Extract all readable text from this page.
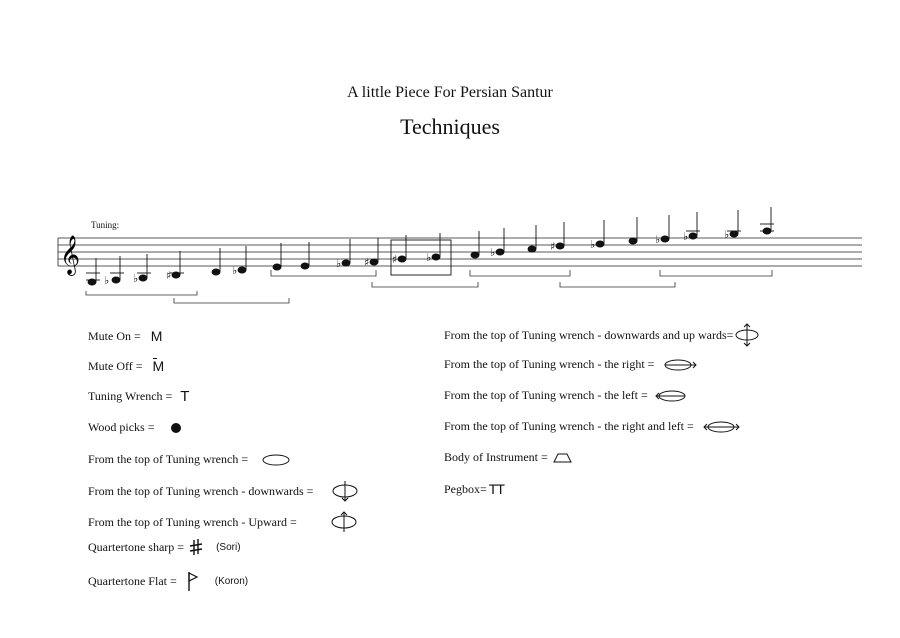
A little Piece For Persian Santur
Techniques
Tuning:
𝄞
♭ ♭	♯	♭
♭ ♯ ♯	♭	♭	♯	♭	♭ ♭	♭
Mute On = M
Mute Off = M
Tuning Wrench = T
Wood picks =
From the top of Tuning wrench =
From the top of Tuning wrench - downwards =
From the top of Tuning wrench - Upward =
Quartertone sharp =	(Sori)
Quartertone Flat =	(Koron)
From the top of Tuning wrench - downwards and up wards=
From the top of Tuning wrench - the right =
From the top of Tuning wrench - the left =
From the top of Tuning wrench - the right and left =
Body of Instrument =
Pegbox= TT
